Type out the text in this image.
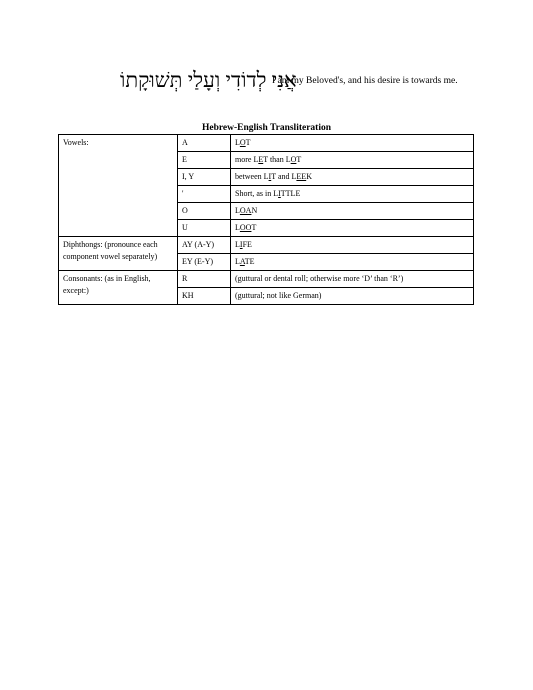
אֲנִי לְדוֹדִי וְעָלַי תְּשׁוּקָתוֹ
I am my Beloved's, and his desire is towards me.
Hebrew-English Transliteration
Vowels:	A	LOT
	E	more LET than LOT
	I, Y	between LIT and LEEK
	'	Short, as in LITTLE
	O	LOAN
	U	LOOT
Diphthongs: (pronounce each component vowel separately)	AY (A-Y)	LIFE
	EY (E-Y)	LATE
Consonants: (as in English, except:)	R	(guttural or dental roll; otherwise more ‘D’ than ‘R’)
	KH	(guttural; not like German)
